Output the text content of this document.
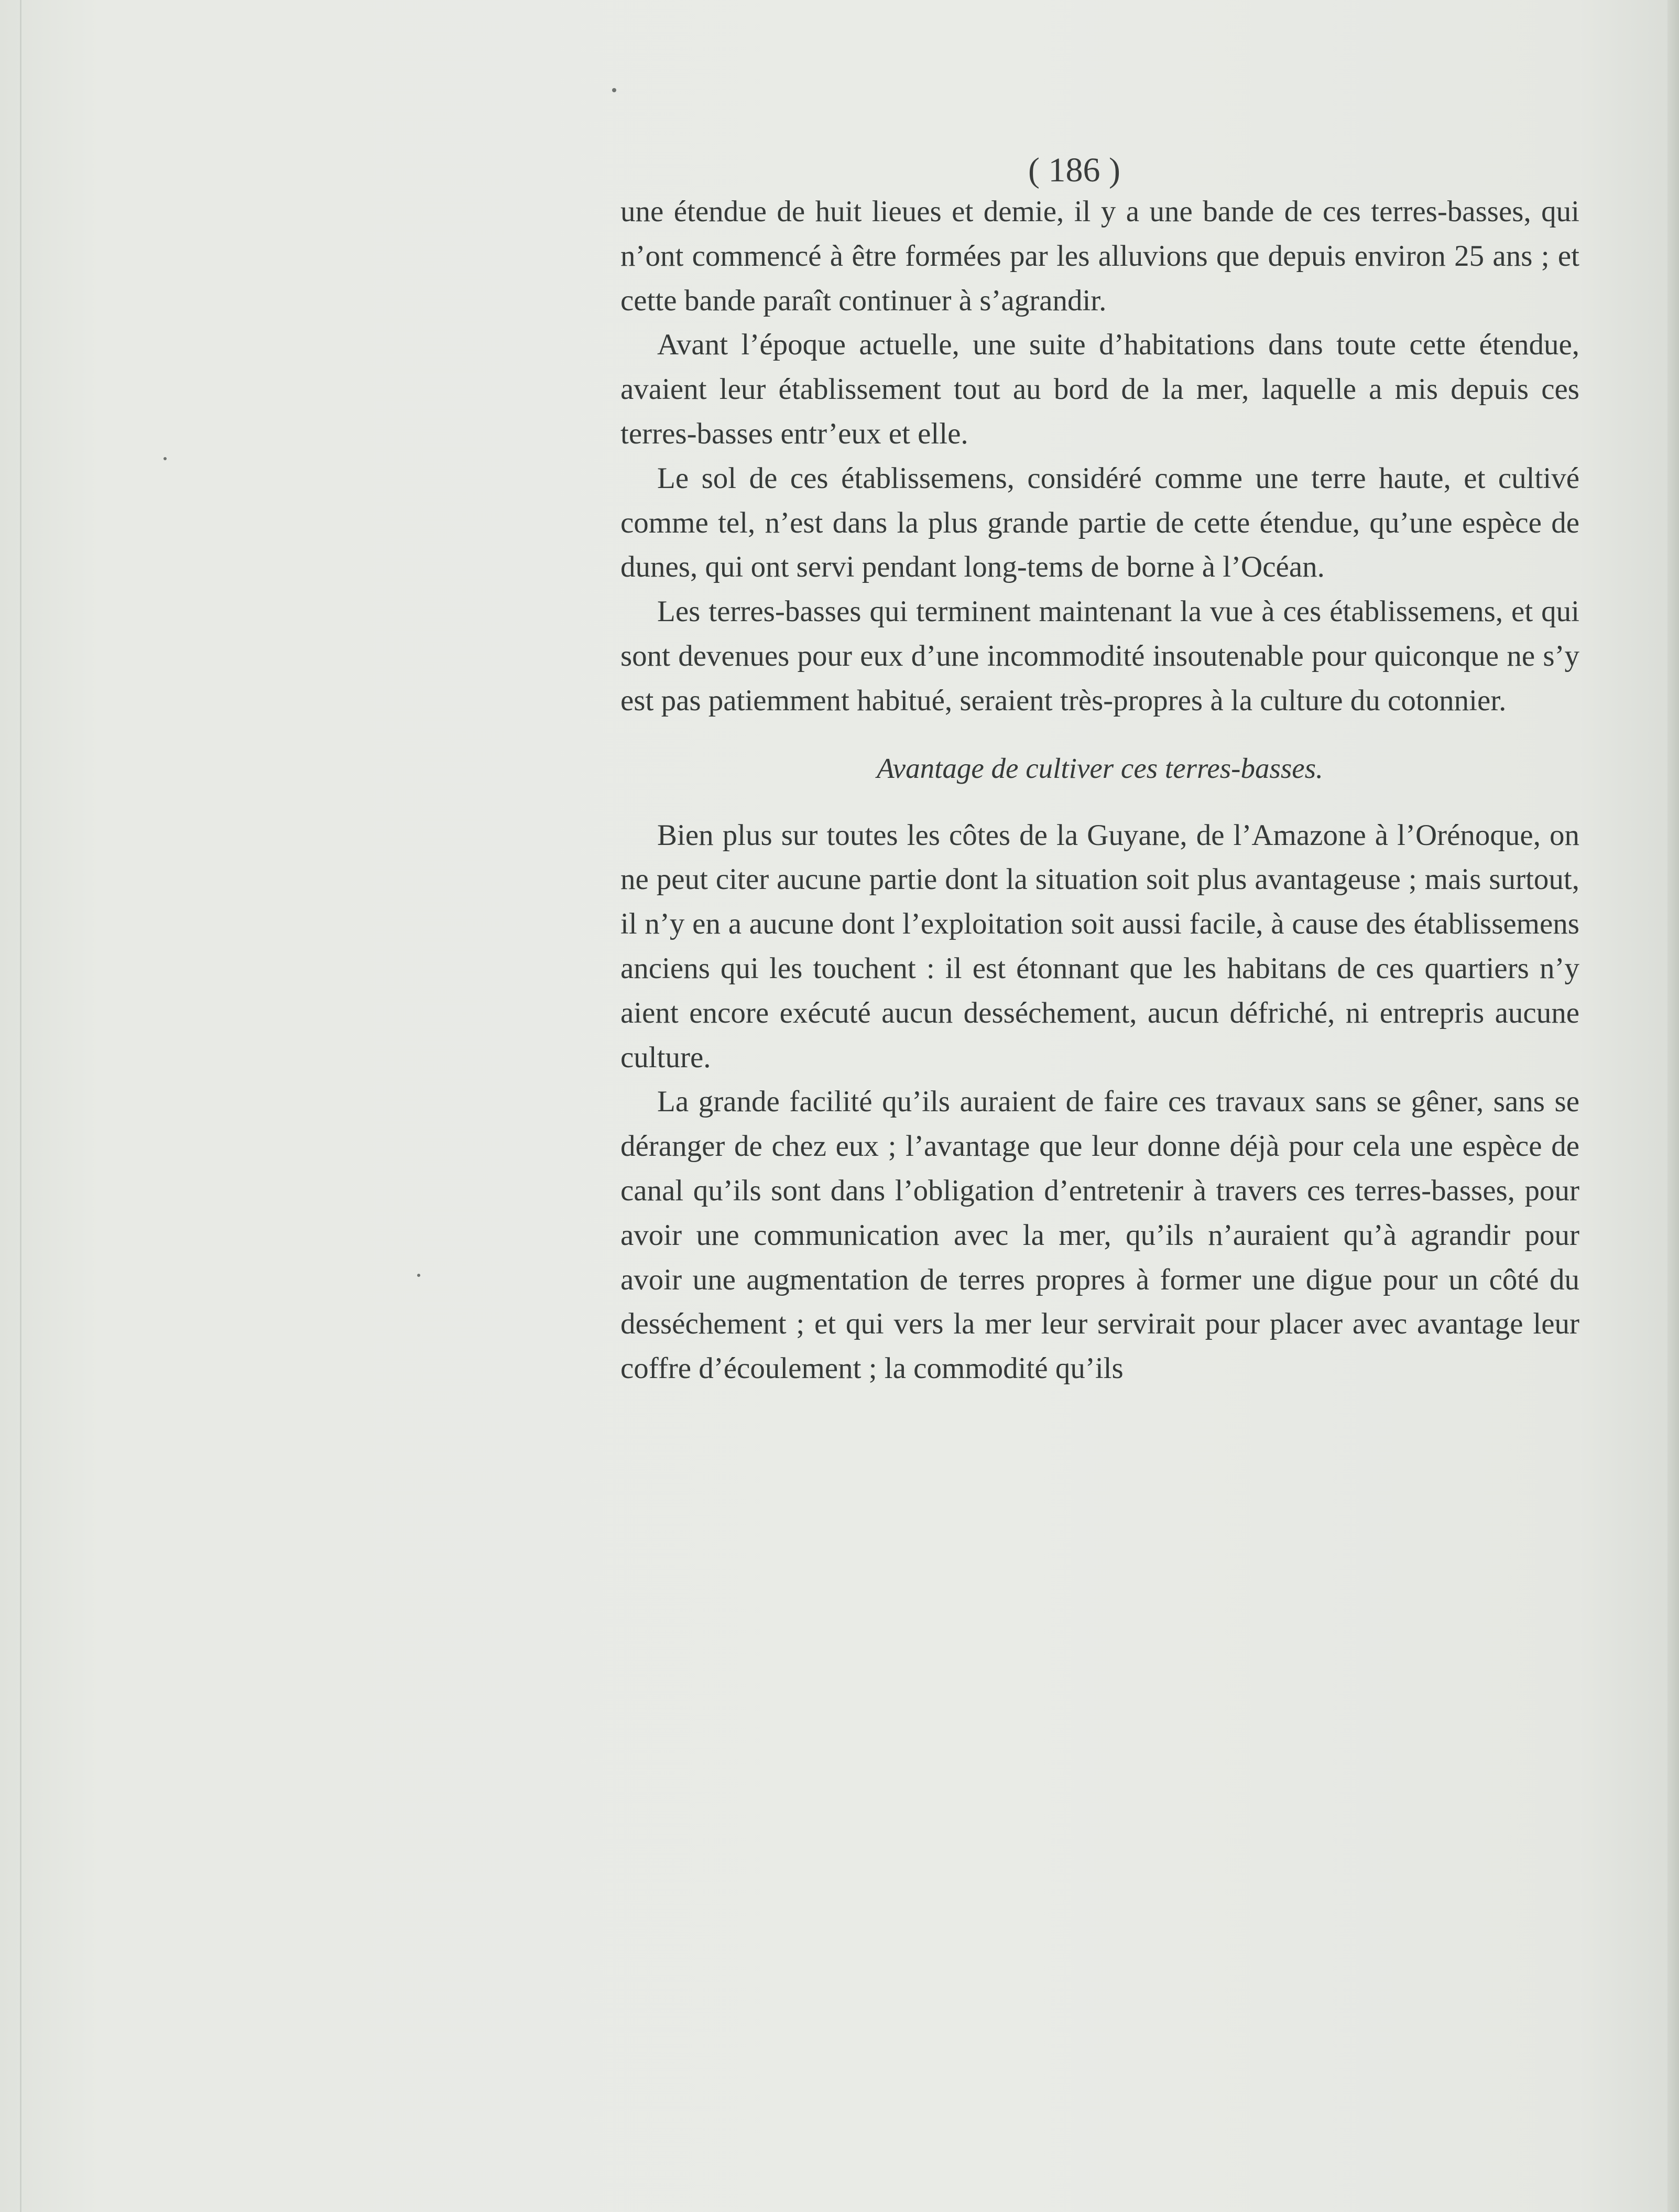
( 186 )

une étendue de huit lieues et demie, il y a une bande de ces terres-basses, qui n’ont commencé à être formées par les alluvions que depuis environ 25 ans ; et cette bande paraît continuer à s’agrandir.

Avant l’époque actuelle, une suite d’habitations dans toute cette étendue, avaient leur établissement tout au bord de la mer, laquelle a mis depuis ces terres-basses entr’eux et elle.

Le sol de ces établissemens, considéré comme une terre haute, et cultivé comme tel, n’est dans la plus grande partie de cette étendue, qu’une espèce de dunes, qui ont servi pendant long-tems de borne à l’Océan.

Les terres-basses qui terminent maintenant la vue à ces établissemens, et qui sont devenues pour eux d’une incommodité insoutenable pour quiconque ne s’y est pas patiemment habitué, seraient très-propres à la culture du cotonnier.

Avantage de cultiver ces terres-basses.

Bien plus sur toutes les côtes de la Guyane, de l’Amazone à l’Orénoque, on ne peut citer aucune partie dont la situation soit plus avantageuse ; mais surtout, il n’y en a aucune dont l’exploitation soit aussi facile, à cause des établissemens anciens qui les touchent : il est étonnant que les habitans de ces quartiers n’y aient encore exécuté aucun desséchement, aucun défriché, ni entrepris aucune culture.

La grande facilité qu’ils auraient de faire ces travaux sans se gêner, sans se déranger de chez eux ; l’avantage que leur donne déjà pour cela une espèce de canal qu’ils sont dans l’obligation d’entretenir à travers ces terres-basses, pour avoir une communication avec la mer, qu’ils n’auraient qu’à agrandir pour avoir une augmentation de terres propres à former une digue pour un côté du desséchement ; et qui vers la mer leur servirait pour placer avec avantage leur coffre d’écoulement ; la commodité qu’ils
